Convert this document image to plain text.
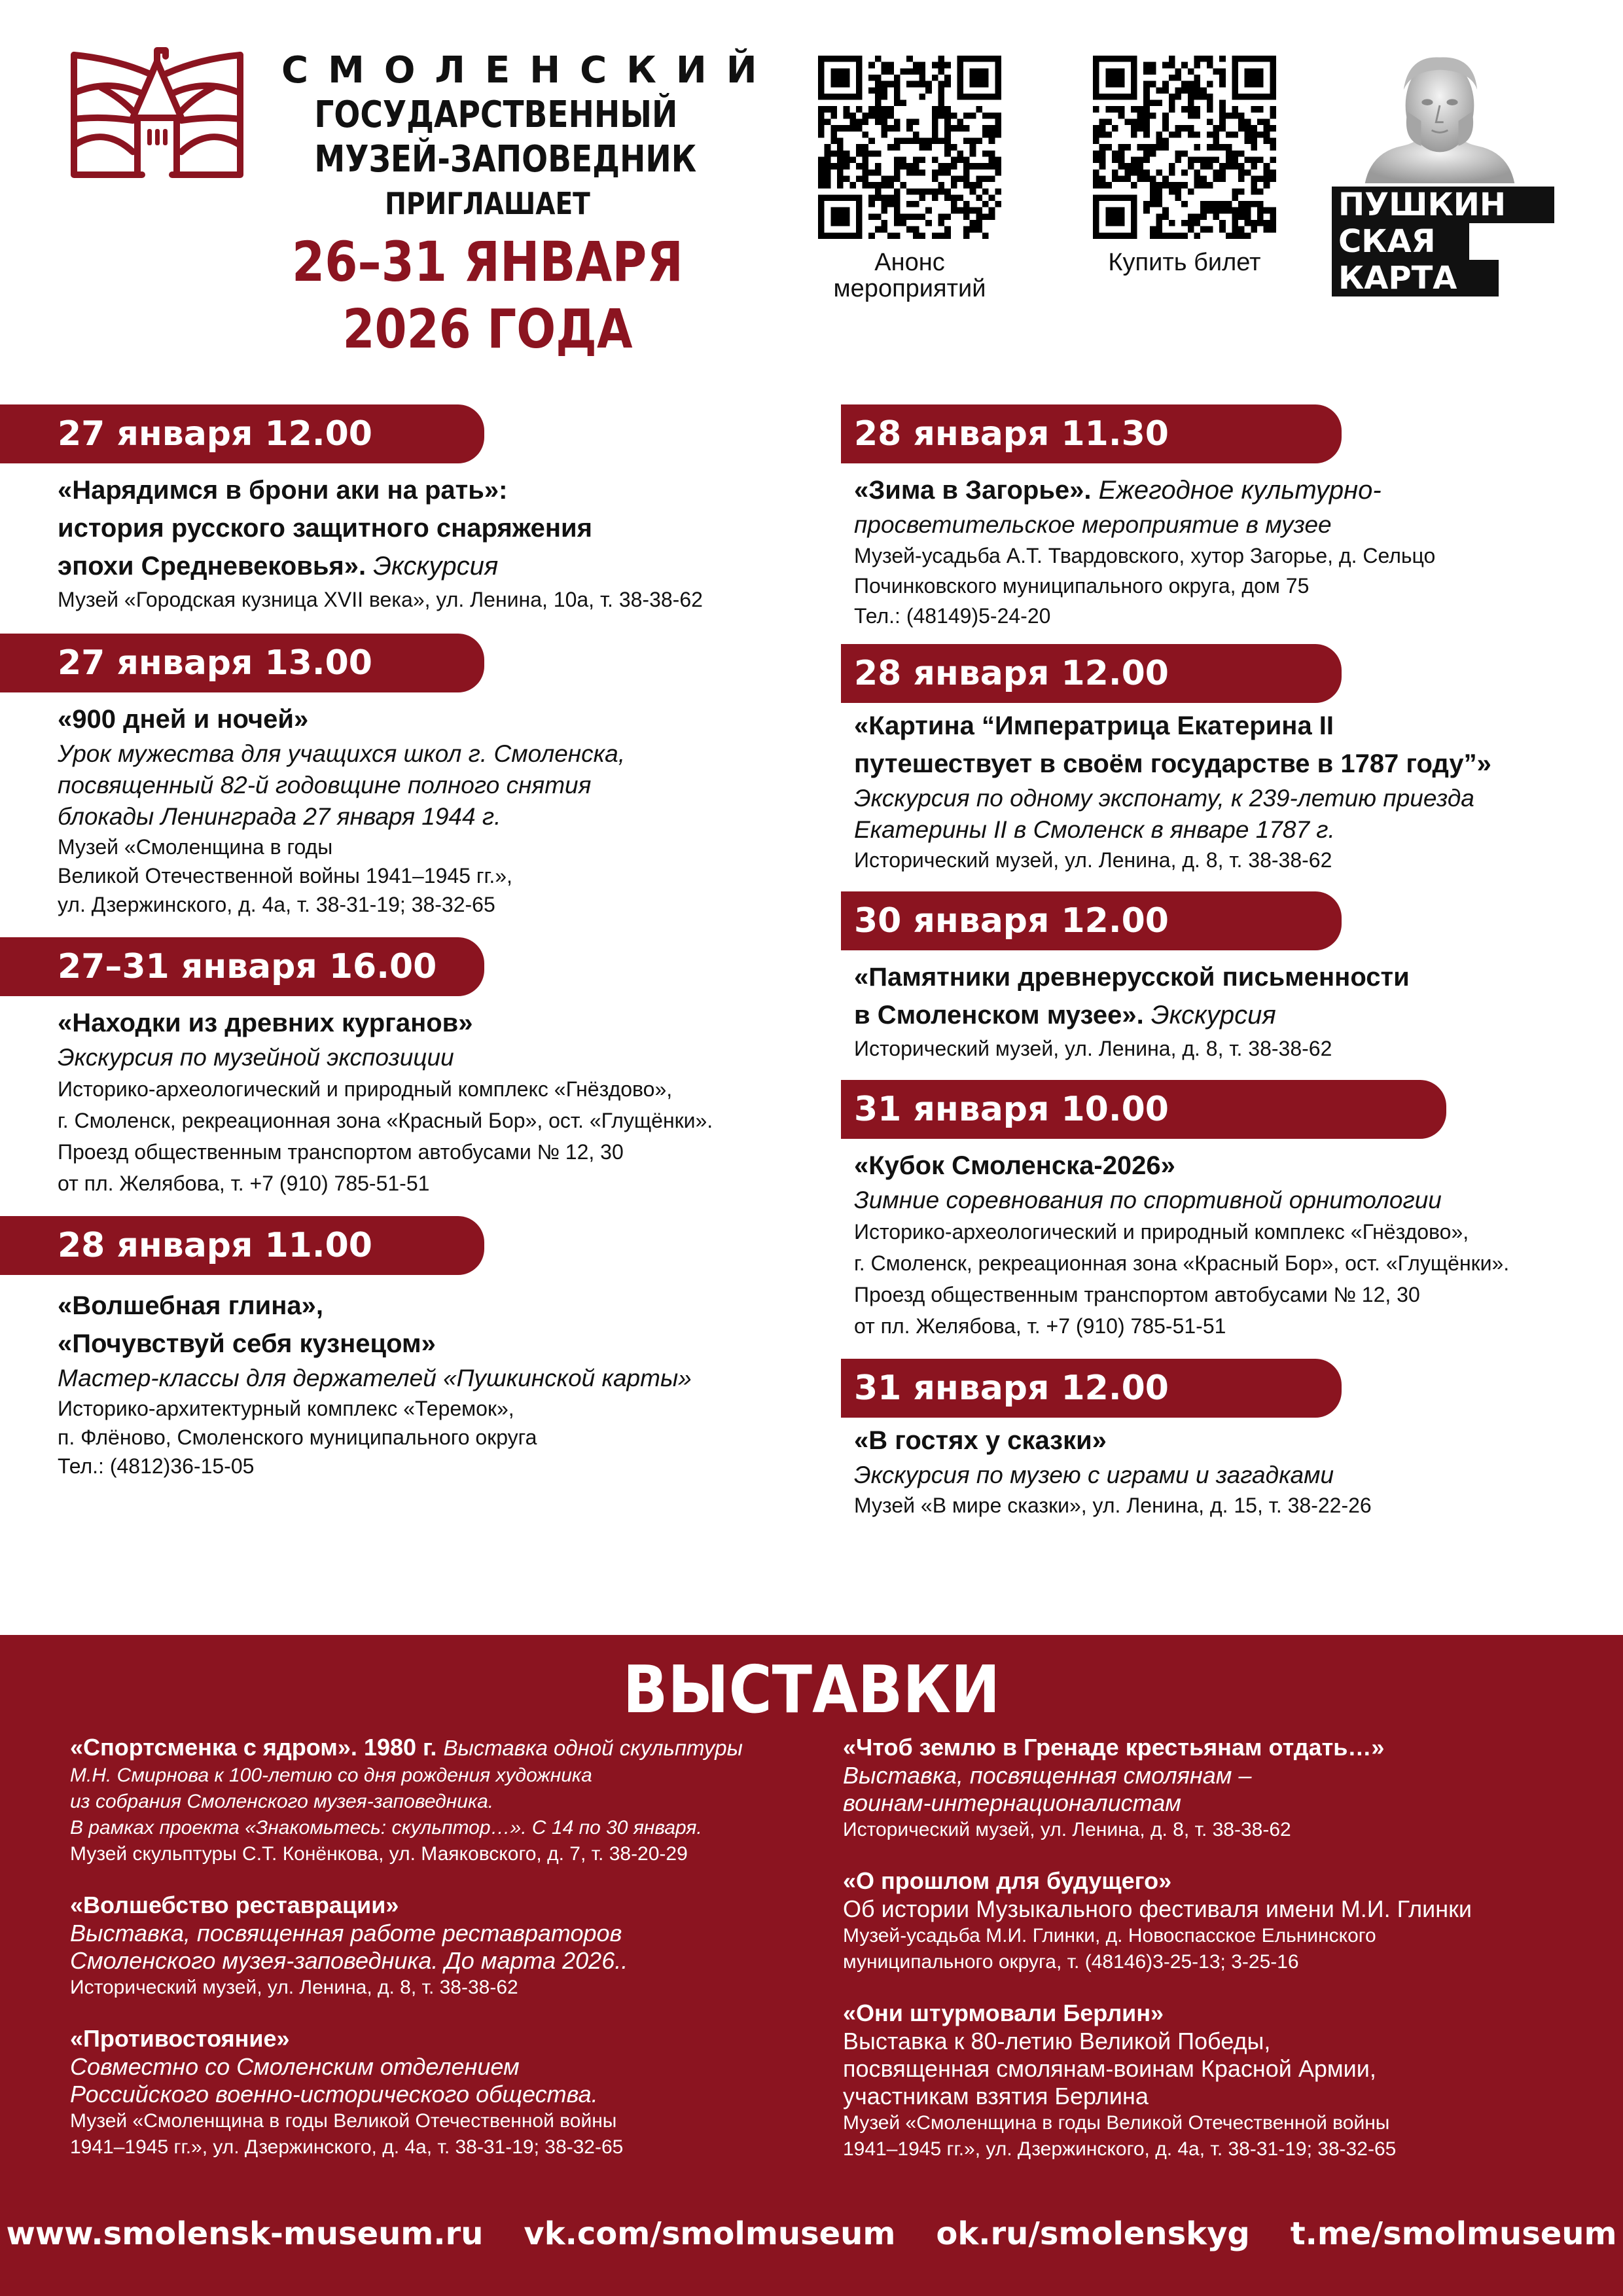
СМОЛЕНСКИЙ
ГОСУДАРСТВЕННЫЙ
МУЗЕЙ-ЗАПОВЕДНИК
ПРИГЛАШАЕТ
26–31 ЯНВАРЯ
2026 ГОДА
Анонс
мероприятий
Купить билет
ПУШКИН
СКАЯ
КАРТА
27 января 12.00
«Нарядимся в брони аки на рать»:
история русского защитного снаряжения
эпохи Средневековья». Экскурсия
Музей «Городская кузница XVII века», ул. Ленина, 10а, т. 38-38-62
27 января 13.00
«900 дней и ночей»
Урок мужества для учащихся школ г. Смоленска,
посвященный 82-й годовщине полного снятия
блокады Ленинграда 27 января 1944 г.
Музей «Смоленщина в годы
Великой Отечественной войны 1941–1945 гг.»,
ул. Дзержинского, д. 4а, т. 38-31-19; 38-32-65
27–31 января 16.00
«Находки из древних курганов»
Экскурсия по музейной экспозиции
Историко-археологический и природный комплекс «Гнёздово»,
г. Смоленск, рекреационная зона «Красный Бор», ост. «Глущёнки».
Проезд общественным транспортом автобусами № 12, 30
от пл. Желябова, т. +7 (910) 785-51-51
28 января 11.00
«Волшебная глина»,
«Почувствуй себя кузнецом»
Мастер-классы для держателей «Пушкинской карты»
Историко-архитектурный комплекс «Теремок»,
п. Флёново, Смоленского муниципального округа
Тел.: (4812)36-15-05
28 января 11.30
«Зима в Загорье». Ежегодное культурно-
просветительское мероприятие в музее
Музей-усадьба А.Т. Твардовского, хутор Загорье, д. Сельцо
Починковского муниципального округа, дом 75
Тел.: (48149)5-24-20
28 января 12.00
«Картина “Императрица Екатерина II
путешествует в своём государстве в 1787 году”»
Экскурсия по одному экспонату, к 239-летию приезда
Екатерины II в Смоленск в январе 1787 г.
Исторический музей, ул. Ленина, д. 8, т. 38-38-62
30 января 12.00
«Памятники древнерусской письменности
в Смоленском музее». Экскурсия
Исторический музей, ул. Ленина, д. 8, т. 38-38-62
31 января 10.00
«Кубок Смоленска-2026»
Зимние соревнования по спортивной орнитологии
Историко-археологический и природный комплекс «Гнёздово»,
г. Смоленск, рекреационная зона «Красный Бор», ост. «Глущёнки».
Проезд общественным транспортом автобусами № 12, 30
от пл. Желябова, т. +7 (910) 785-51-51
31 января 12.00
«В гостях у сказки»
Экскурсия по музею с играми и загадками
Музей «В мире сказки», ул. Ленина, д. 15, т. 38-22-26
ВЫСТАВКИ
«Спортсменка с ядром». 1980 г. Выставка одной скульптуры
М.Н. Смирнова к 100-летию со дня рождения художника
из собрания Смоленского музея-заповедника.
В рамках проекта «Знакомьтесь: скульптор…». С 14 по 30 января.
Музей скульптуры С.Т. Конёнкова, ул. Маяковского, д. 7, т. 38-20-29
«Волшебство реставрации»
Выставка, посвященная работе реставраторов
Смоленского музея-заповедника. До марта 2026..
Исторический музей, ул. Ленина, д. 8, т. 38-38-62
«Противостояние»
Совместно со Смоленским отделением
Российского военно-исторического общества.
Музей «Смоленщина в годы Великой Отечественной войны
1941–1945 гг.», ул. Дзержинского, д. 4а, т. 38-31-19; 38-32-65
«Чтоб землю в Гренаде крестьянам отдать…»
Выставка, посвященная смолянам –
воинам-интернационалистам
Исторический музей, ул. Ленина, д. 8, т. 38-38-62
«О прошлом для будущего»
Об истории Музыкального фестиваля имени М.И. Глинки
Музей-усадьба М.И. Глинки, д. Новоспасское Ельнинского
муниципального округа, т. (48146)3-25-13; 3-25-16
«Они штурмовали Берлин»
Выставка к 80-летию Великой Победы,
посвященная смолянам-воинам Красной Армии,
участникам взятия Берлина
Музей «Смоленщина в годы Великой Отечественной войны
1941–1945 гг.», ул. Дзержинского, д. 4а, т. 38-31-19; 38-32-65
www.smolensk-museum.ru vk.com/smolmuseum ok.ru/smolenskyg t.me/smolmuseum
